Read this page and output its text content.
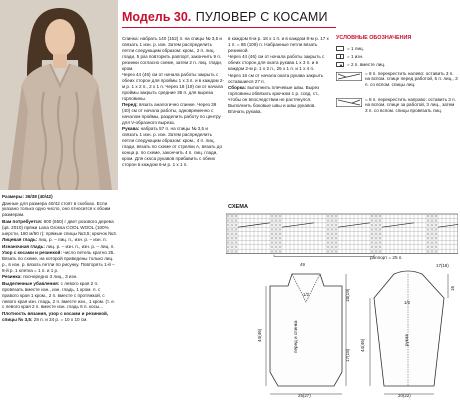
Модель 30. ПУЛОВЕР С КОСАМИ

Размеры: 36/38 (40/42)

Данные для размера 40/42 стоят в скобках. Если указано только одно число, оно относится к обоим размерам.

Вам потребуется: 600 (650) г двет розового дерева (цв. 2010) пряжи Lana Grossa COOL WOOL (100% шерсти, 160 м/50 г); прямые спицы №3,5; крючок №3.

Лицевая гладь: лиц. р. – лиц. п., изн. р. – изн. п.

Изнаночная гладь: лиц. р. – изн. п., изн. р. – лиц. п.

Узор с косами и резинкой: число петель кратно 25. Вязать по схеме, на которой приведены только лиц. р., в изн. р. вязать петли по рисунку. Повторять 1-й – 8-й р. 1 клетка = 1 п. и 1 р.

Резинка: поочередно 3 лиц., 3 изн.

Выделенные убавления: с левого края 2 п. провязать вместе изн., изн. гладь, 1 кром. п. с правого края 1 кром., 2 п. вместе с протяжкой, с левого края изн. гладь, 2 п. вместе изн., 1 кром. (т. е. с левого края 2 п. вместе изн. гладь 6 п. косы...

Плотность вязания, узор с косами и резинкой, спицы № 3,5: 28 п. и 34 р. = 10 х 10 см.

Спинка: набрать 140 (152) п. на спицы № 3,5 и связать 1 изн. р. изн. Затем распределить петли следующим образом: кром., 2 п. лиц. глади, 5 раз повторить раппорт, закончить 9 п. резинки согласно схеме, затем 2 п. лиц. глади, кром.

Через 44 (46) см от начала работы закрыть с обеих сторон для проймы 1 х 3 п. и в каждом 2-м р. 1 х 2 п., 2 х 1 п. Через 18 (19) см от начала проймы закрыть средние 38 п. для выреза горловины.

Перед: вязать аналогично спинке. Через 39 (40) см от начала работы, одновременно с началом проймы, разделить работу по центру для V-образного выреза.

Рукава: набрать 57 п. на спицы № 3,5 и связать 1 изн. р. изн. Затем распределить петли следующим образом: кром., 4 п. лиц. глади, вязать по схеме от стрелки А, вязать до конца р. по схеме, закончить 4 п. лиц. глади, кром. Для скоса рукавов прибавить с обеих сторон в каждом 6-м р. 1 х 1 п.

в каждом 6-м р. 18 х 1 п. и в каждом 8-м р. 17 х 1 п. = 85 (109) п. Набранные петли вязать резинкой.

Через 44 (46) см от начала работы закрыть с обеих сторон для оката рукава 1 х 3 п. и в каждом 2-м р. 1 х 2 п., 25 х 1 п. и 1 х 4 п.

Через 16 см от начала оката рукава закрыть оставшиеся 27 п.

Сборка: выполнить плечевые швы. Вырез горловины обвязать крючком 1 р. ссвд. ст., чтобы он впоследствии не растянулся. Выполнить боковые швы и швы рукавов. Втачать рукава.

УСЛОВНЫЕ ОБОЗНАЧЕНИЯ
= 1 лиц.
= 1 изн.
= 2 п. вместе лиц.
= 8 п. перекрестить налево: оставить 3 п. на вспом. спице перед работой, 5 п. лиц., 3 п. со вспом. спицы лиц.
= 8 п. перекрестить направо: оставить 3 п. на вспом. спице за работой, 3 лиц., затем 3 п. со вспом. спицы провязать лиц.
СХЕМА
раппорт = 25 п.
перед и спинка
1/2
25(27)
49
44(46)
18(19)
17(18)
рукав
1/2
20(22)
17(18)
44(46)
16
